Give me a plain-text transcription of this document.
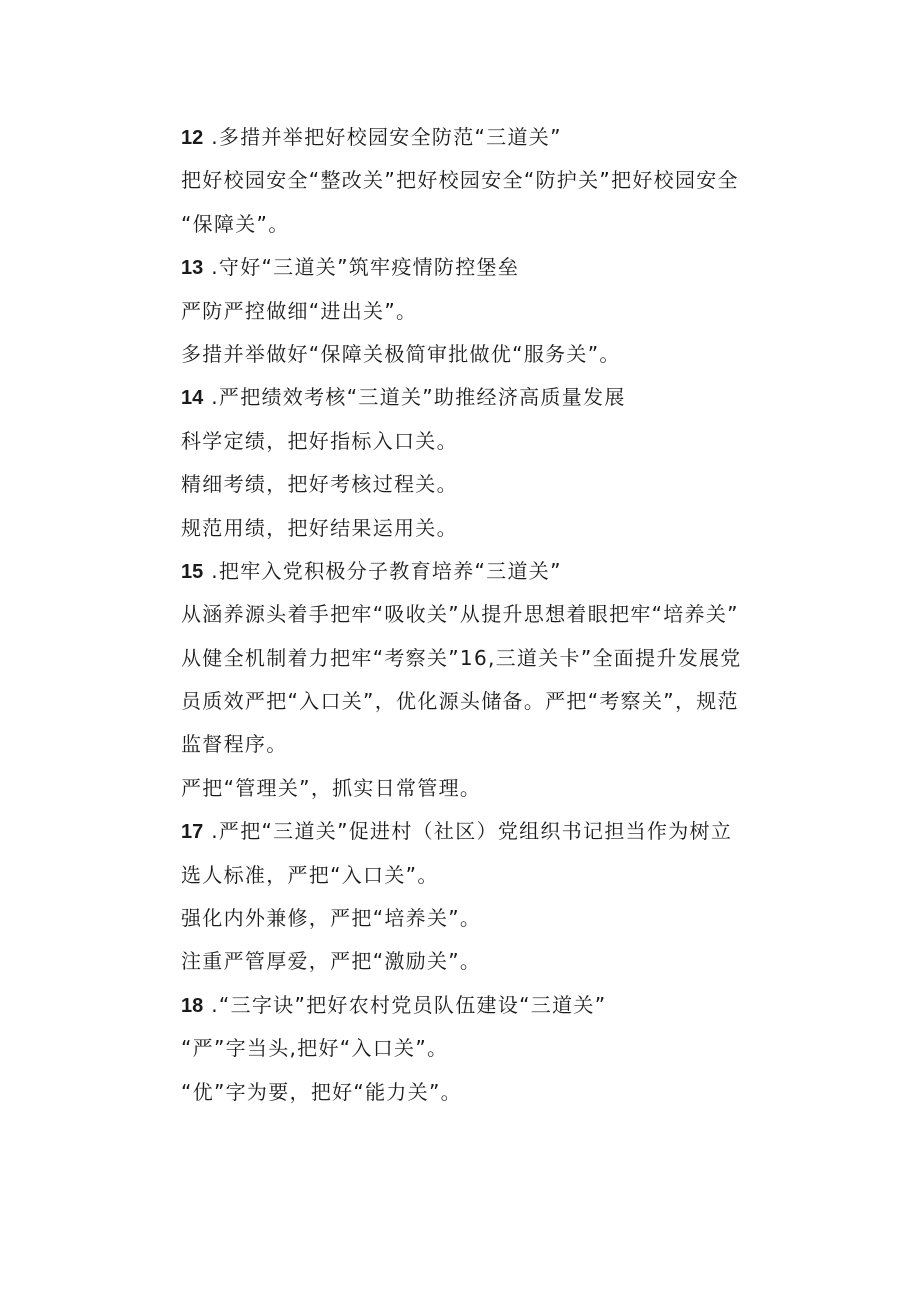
12 .多措并举把好校园安全防范“三道关”
把好校园安全“整改关”把好校园安全“防护关”把好校园安全
“保障关”。
13 .守好“三道关”筑牢疫情防控堡垒
严防严控做细“进出关”。
多措并举做好“保障关极简审批做优“服务关”。
14 .严把绩效考核“三道关”助推经济高质量发展
科学定绩，把好指标入口关。
精细考绩，把好考核过程关。
规范用绩，把好结果运用关。
15 .把牢入党积极分子教育培养“三道关”
从涵养源头着手把牢“吸收关”从提升思想着眼把牢“培养关”
从健全机制着力把牢“考察关”16,三道关卡”全面提升发展党
员质效严把“入口关”，优化源头储备。严把“考察关”，规范
监督程序。
严把“管理关”，抓实日常管理。
17 .严把“三道关”促进村（社区）党组织书记担当作为树立
选人标准，严把“入口关”。
强化内外兼修，严把“培养关”。
注重严管厚爱，严把“激励关”。
18 .“三字诀”把好农村党员队伍建设“三道关”
“严”字当头,把好“入口关”。
“优”字为要，把好“能力关”。
